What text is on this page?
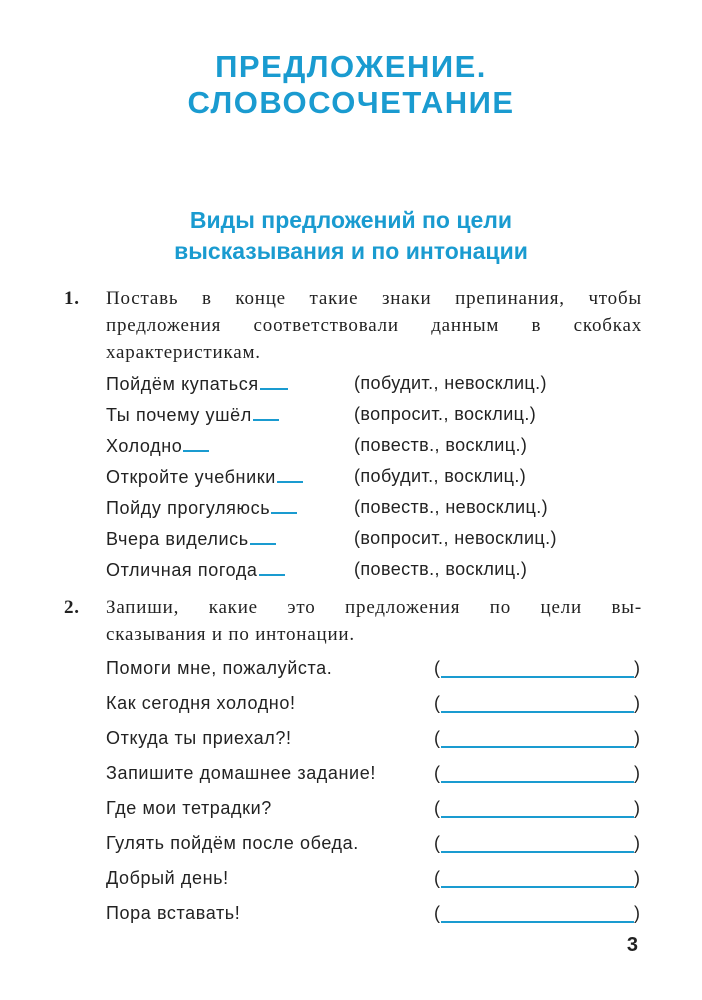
ПРЕДЛОЖЕНИЕ.
СЛОВОСОЧЕТАНИЕ
Виды предложений по цели
высказывания и по интонации
1. Поставь в конце такие знаки препинания, чтобы
предложения соответствовали данным в скобках
характеристикам.
Пойдём купаться	(побудит., невосклиц.)
Ты почему ушёл	(вопросит., восклиц.)
Холодно	(повеств., восклиц.)
Откройте учебники	(побудит., восклиц.)
Пойду прогуляюсь	(повеств., невосклиц.)
Вчера виделись	(вопросит., невосклиц.)
Отличная погода	(повеств., восклиц.)
2. Запиши, какие это предложения по цели вы-
сказывания и по интонации.
Помоги мне, пожалуйста.	(	)
Как сегодня холодно!	(	)
Откуда ты приехал?!	(	)
Запишите домашнее задание!	(	)
Где мои тетрадки?	(	)
Гулять пойдём после обеда.	(	)
Добрый день!	(	)
Пора вставать!	(	)
3
